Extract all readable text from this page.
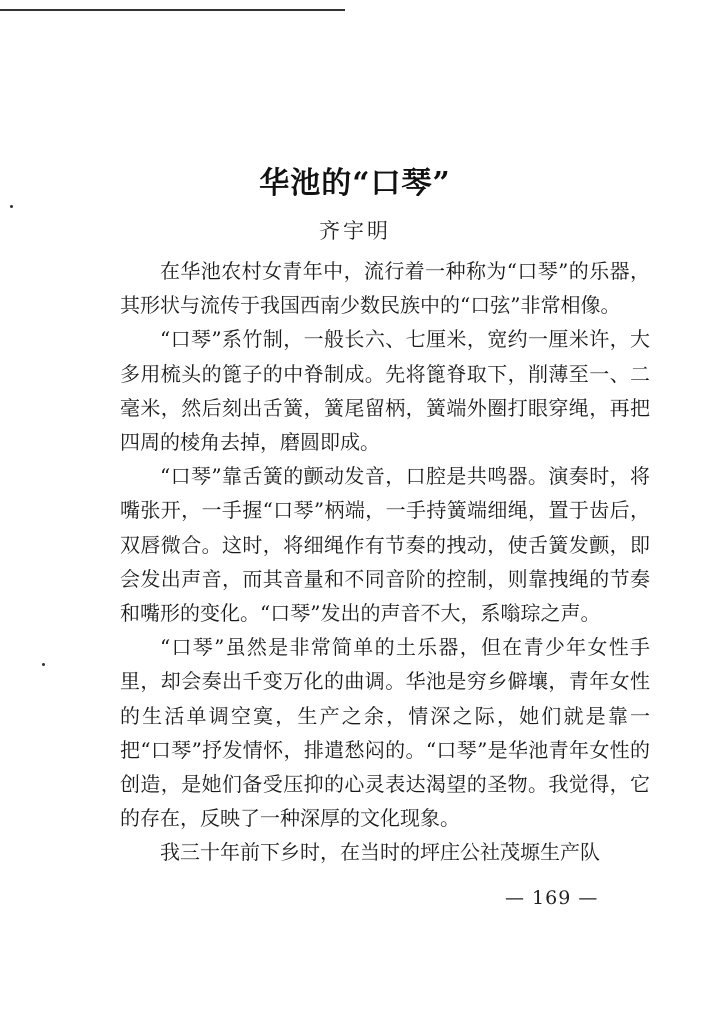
华池的“口琴”
齐宇明

在华池农村女青年中，流行着一种称为“口琴”的乐器，其形状与流传于我国西南少数民族中的“口弦”非常相像。

“口琴”系竹制，一般长六、七厘米，宽约一厘米许，大多用梳头的篦子的中脊制成。先将篦脊取下，削薄至一、二毫米，然后刻出舌簧，簧尾留柄，簧端外圈打眼穿绳，再把四周的棱角去掉，磨圆即成。

“口琴”靠舌簧的颤动发音，口腔是共鸣器。演奏时，将嘴张开，一手握“口琴”柄端，一手持簧端细绳，置于齿后，双唇微合。这时，将细绳作有节奏的拽动，使舌簧发颤，即会发出声音，而其音量和不同音阶的控制，则靠拽绳的节奏和嘴形的变化。“口琴”发出的声音不大，系嗡琮之声。

“口琴”虽然是非常简单的土乐器，但在青少年女性手里，却会奏出千变万化的曲调。华池是穷乡僻壤，青年女性的生活单调空寞，生产之余，情深之际，她们就是靠一把“口琴”抒发情怀，排遣愁闷的。“口琴”是华池青年女性的创造，是她们备受压抑的心灵表达渴望的圣物。我觉得，它的存在，反映了一种深厚的文化现象。

我三十年前下乡时，在当时的坪庄公社茂塬生产队

— 169 —
